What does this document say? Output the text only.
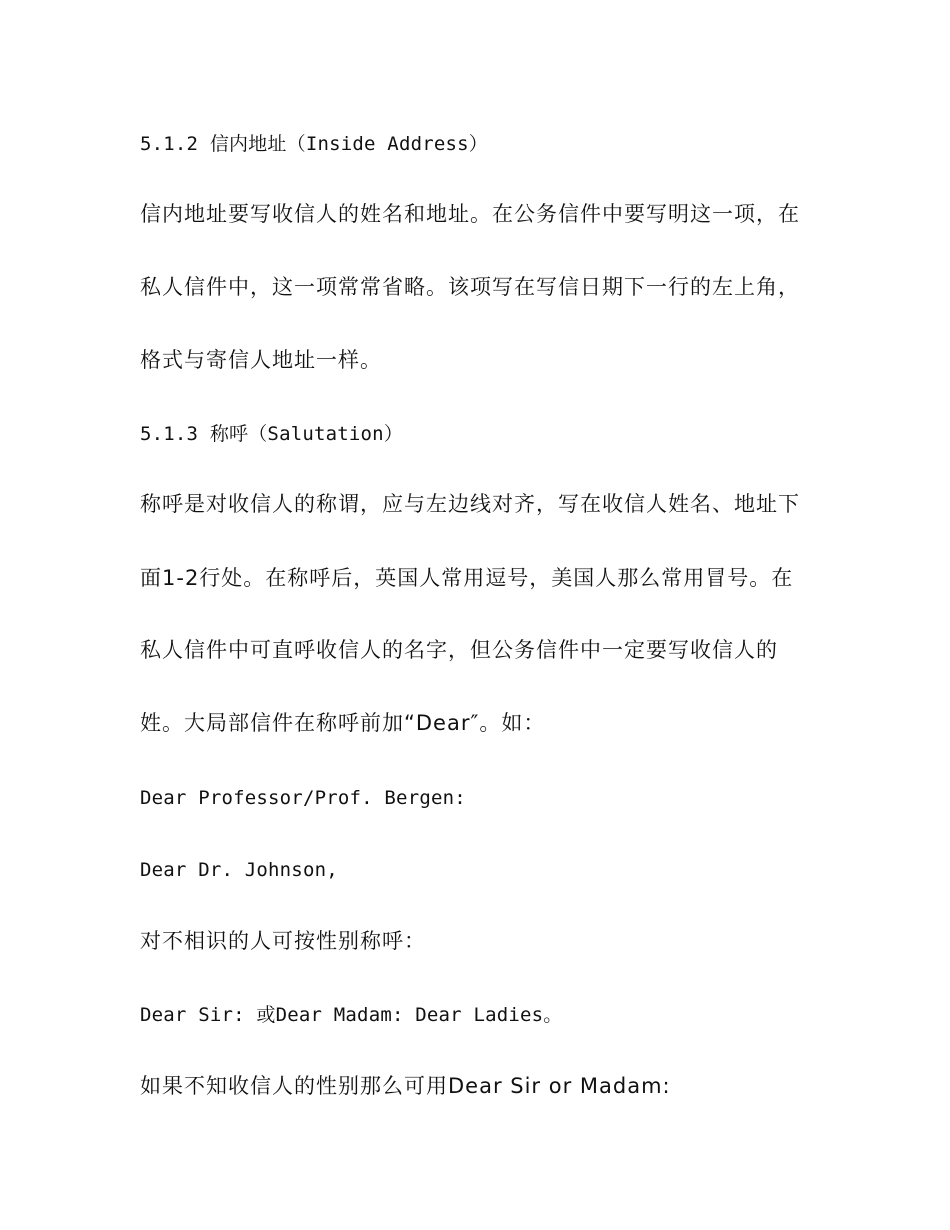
5.1.2 信内地址（Inside Address）
信内地址要写收信人的姓名和地址。在公务信件中要写明这一项，在
私人信件中，这一项常常省略。该项写在写信日期下一行的左上角，
格式与寄信人地址一样。
5.1.3 称呼（Salutation）
称呼是对收信人的称谓，应与左边线对齐，写在收信人姓名、地址下
面1-2行处。在称呼后，英国人常用逗号，美国人那么常用冒号。在
私人信件中可直呼收信人的名字，但公务信件中一定要写收信人的
姓。大局部信件在称呼前加“Dear″。如：
Dear Professor/Prof. Bergen:
Dear Dr. Johnson,
对不相识的人可按性别称呼：
Dear Sir: 或Dear Madam: Dear Ladies。
如果不知收信人的性别那么可用Dear Sir or Madam:
